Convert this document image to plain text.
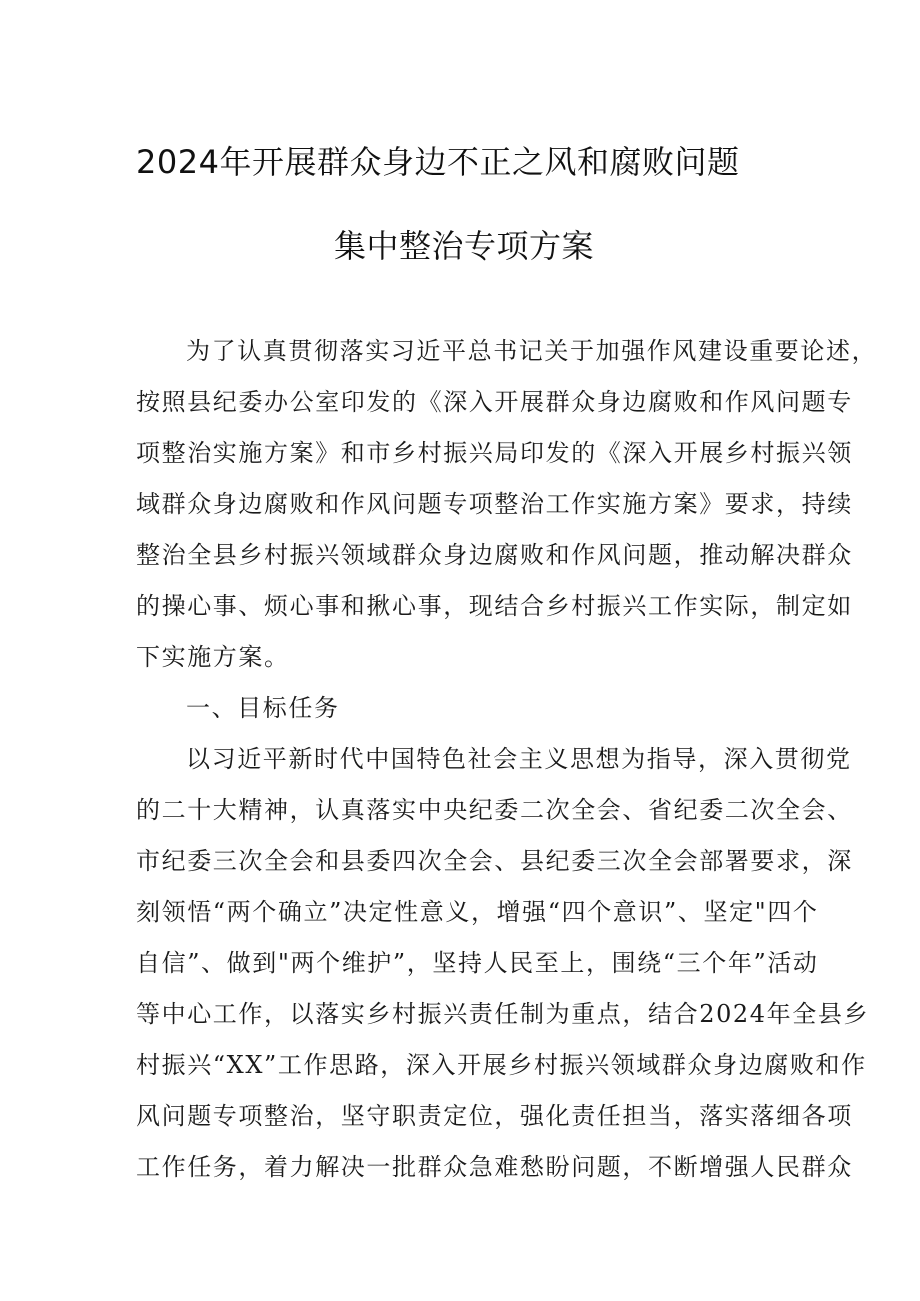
2024年开展群众身边不正之风和腐败问题
集中整治专项方案
为了认真贯彻落实习近平总书记关于加强作风建设重要论述，
按照县纪委办公室印发的《深入开展群众身边腐败和作风问题专
项整治实施方案》和市乡村振兴局印发的《深入开展乡村振兴领
域群众身边腐败和作风问题专项整治工作实施方案》要求，持续
整治全县乡村振兴领域群众身边腐败和作风问题，推动解决群众
的操心事、烦心事和揪心事，现结合乡村振兴工作实际，制定如
下实施方案。
一、目标任务
以习近平新时代中国特色社会主义思想为指导，深入贯彻党
的二十大精神，认真落实中央纪委二次全会、省纪委二次全会、
市纪委三次全会和县委四次全会、县纪委三次全会部署要求，深
刻领悟“两个确立”决定性意义，增强“四个意识”、坚定"四个
自信”、做到"两个维护”，坚持人民至上，围绕“三个年”活动
等中心工作，以落实乡村振兴责任制为重点，结合2024年全县乡
村振兴“XX”工作思路，深入开展乡村振兴领域群众身边腐败和作
风问题专项整治，坚守职责定位，强化责任担当，落实落细各项
工作任务，着力解决一批群众急难愁盼问题，不断增强人民群众
